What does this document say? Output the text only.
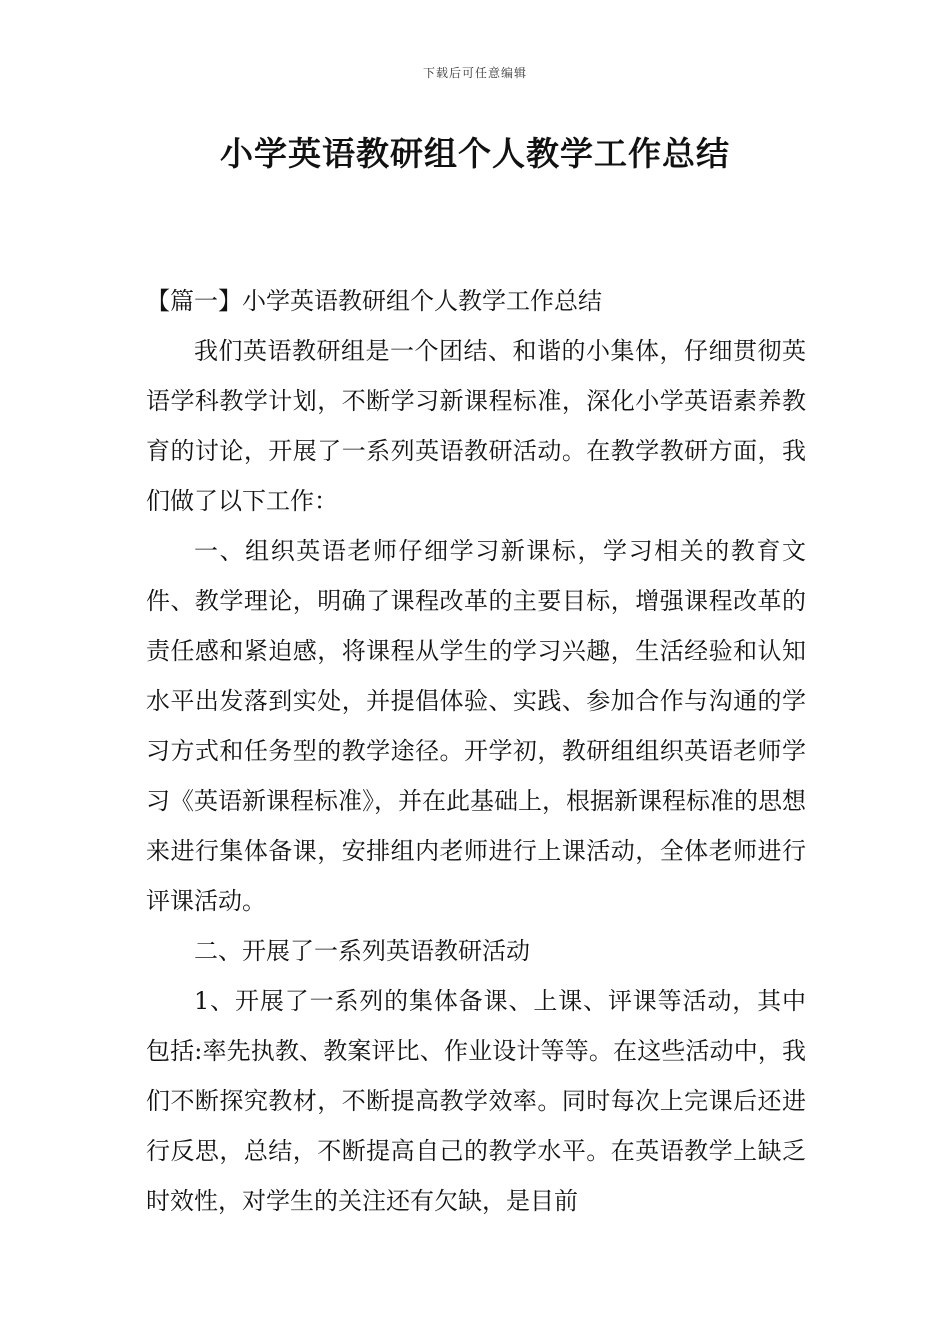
下载后可任意编辑
小学英语教研组个人教学工作总结

【篇一】小学英语教研组个人教学工作总结

我们英语教研组是一个团结、和谐的小集体，仔细贯彻英语学科教学计划，不断学习新课程标准，深化小学英语素养教育的讨论，开展了一系列英语教研活动。在教学教研方面，我们做了以下工作：

一、组织英语老师仔细学习新课标，学习相关的教育文件、教学理论，明确了课程改革的主要目标，增强课程改革的责任感和紧迫感，将课程从学生的学习兴趣，生活经验和认知水平出发落到实处，并提倡体验、实践、参加合作与沟通的学习方式和任务型的教学途径。开学初，教研组组织英语老师学习《英语新课程标准》，并在此基础上，根据新课程标准的思想来进行集体备课，安排组内老师进行上课活动，全体老师进行评课活动。

二、开展了一系列英语教研活动

1、开展了一系列的集体备课、上课、评课等活动，其中包括:率先执教、教案评比、作业设计等等。在这些活动中，我们不断探究教材，不断提高教学效率。同时每次上完课后还进行反思，总结，不断提高自己的教学水平。在英语教学上缺乏时效性，对学生的关注还有欠缺，是目前
